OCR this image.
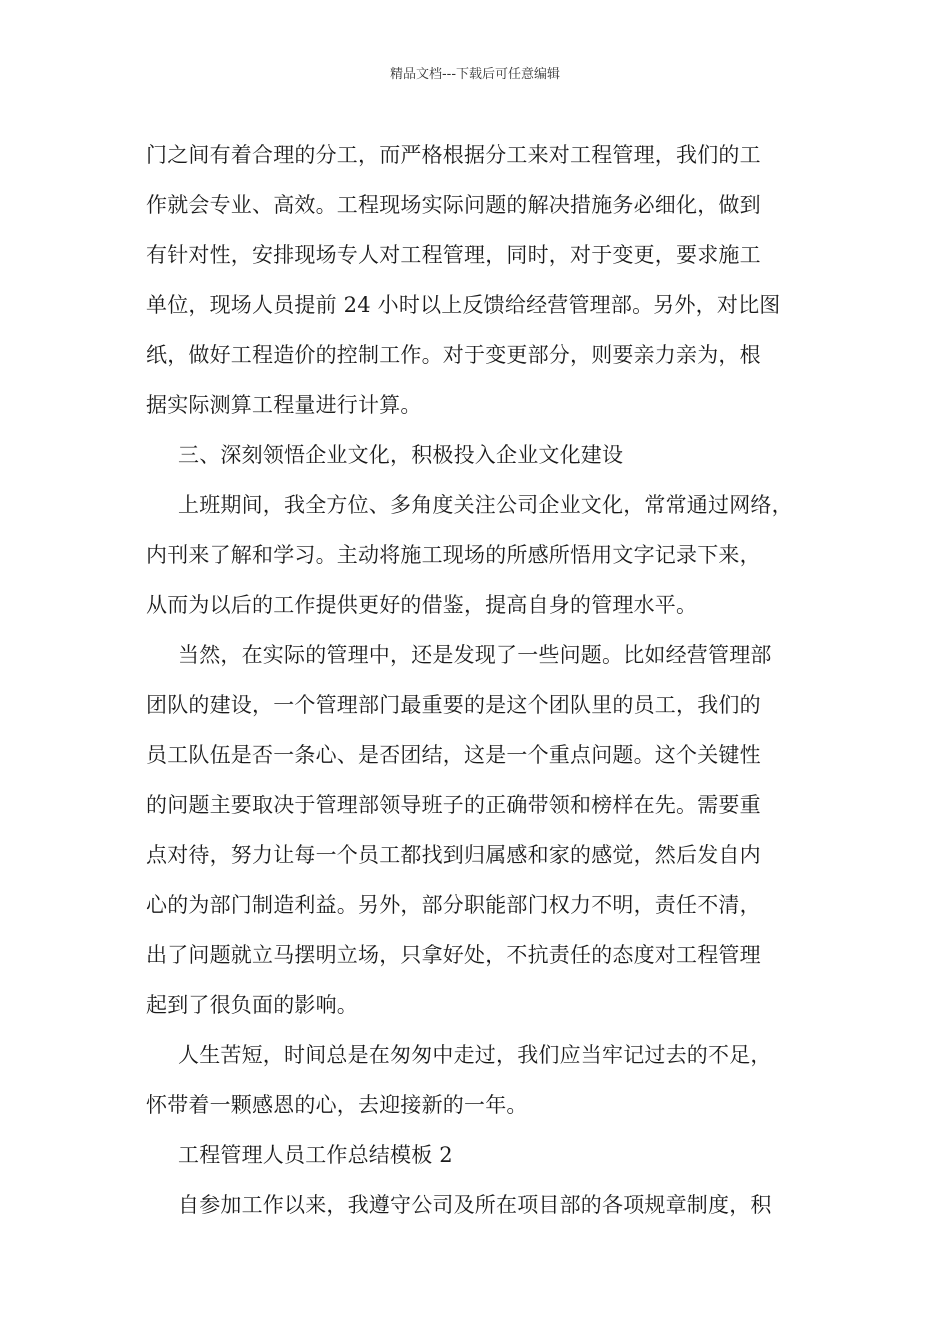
精品文档---下载后可任意编辑
门之间有着合理的分工，而严格根据分工来对工程管理，我们的工
作就会专业、高效。工程现场实际问题的解决措施务必细化，做到
有针对性，安排现场专人对工程管理，同时，对于变更，要求施工
单位，现场人员提前 24 小时以上反馈给经营管理部。另外，对比图
纸，做好工程造价的控制工作。对于变更部分，则要亲力亲为，根
据实际测算工程量进行计算。
三、深刻领悟企业文化，积极投入企业文化建设
上班期间，我全方位、多角度关注公司企业文化，常常通过网络，
内刊来了解和学习。主动将施工现场的所感所悟用文字记录下来，
从而为以后的工作提供更好的借鉴，提高自身的管理水平。
当然，在实际的管理中，还是发现了一些问题。比如经营管理部
团队的建设，一个管理部门最重要的是这个团队里的员工，我们的
员工队伍是否一条心、是否团结，这是一个重点问题。这个关键性
的问题主要取决于管理部领导班子的正确带领和榜样在先。需要重
点对待，努力让每一个员工都找到归属感和家的感觉，然后发自内
心的为部门制造利益。另外，部分职能部门权力不明，责任不清，
出了问题就立马摆明立场，只拿好处，不抗责任的态度对工程管理
起到了很负面的影响。
人生苦短，时间总是在匆匆中走过，我们应当牢记过去的不足，
怀带着一颗感恩的心，去迎接新的一年。
工程管理人员工作总结模板 2
自参加工作以来，我遵守公司及所在项目部的各项规章制度，积
